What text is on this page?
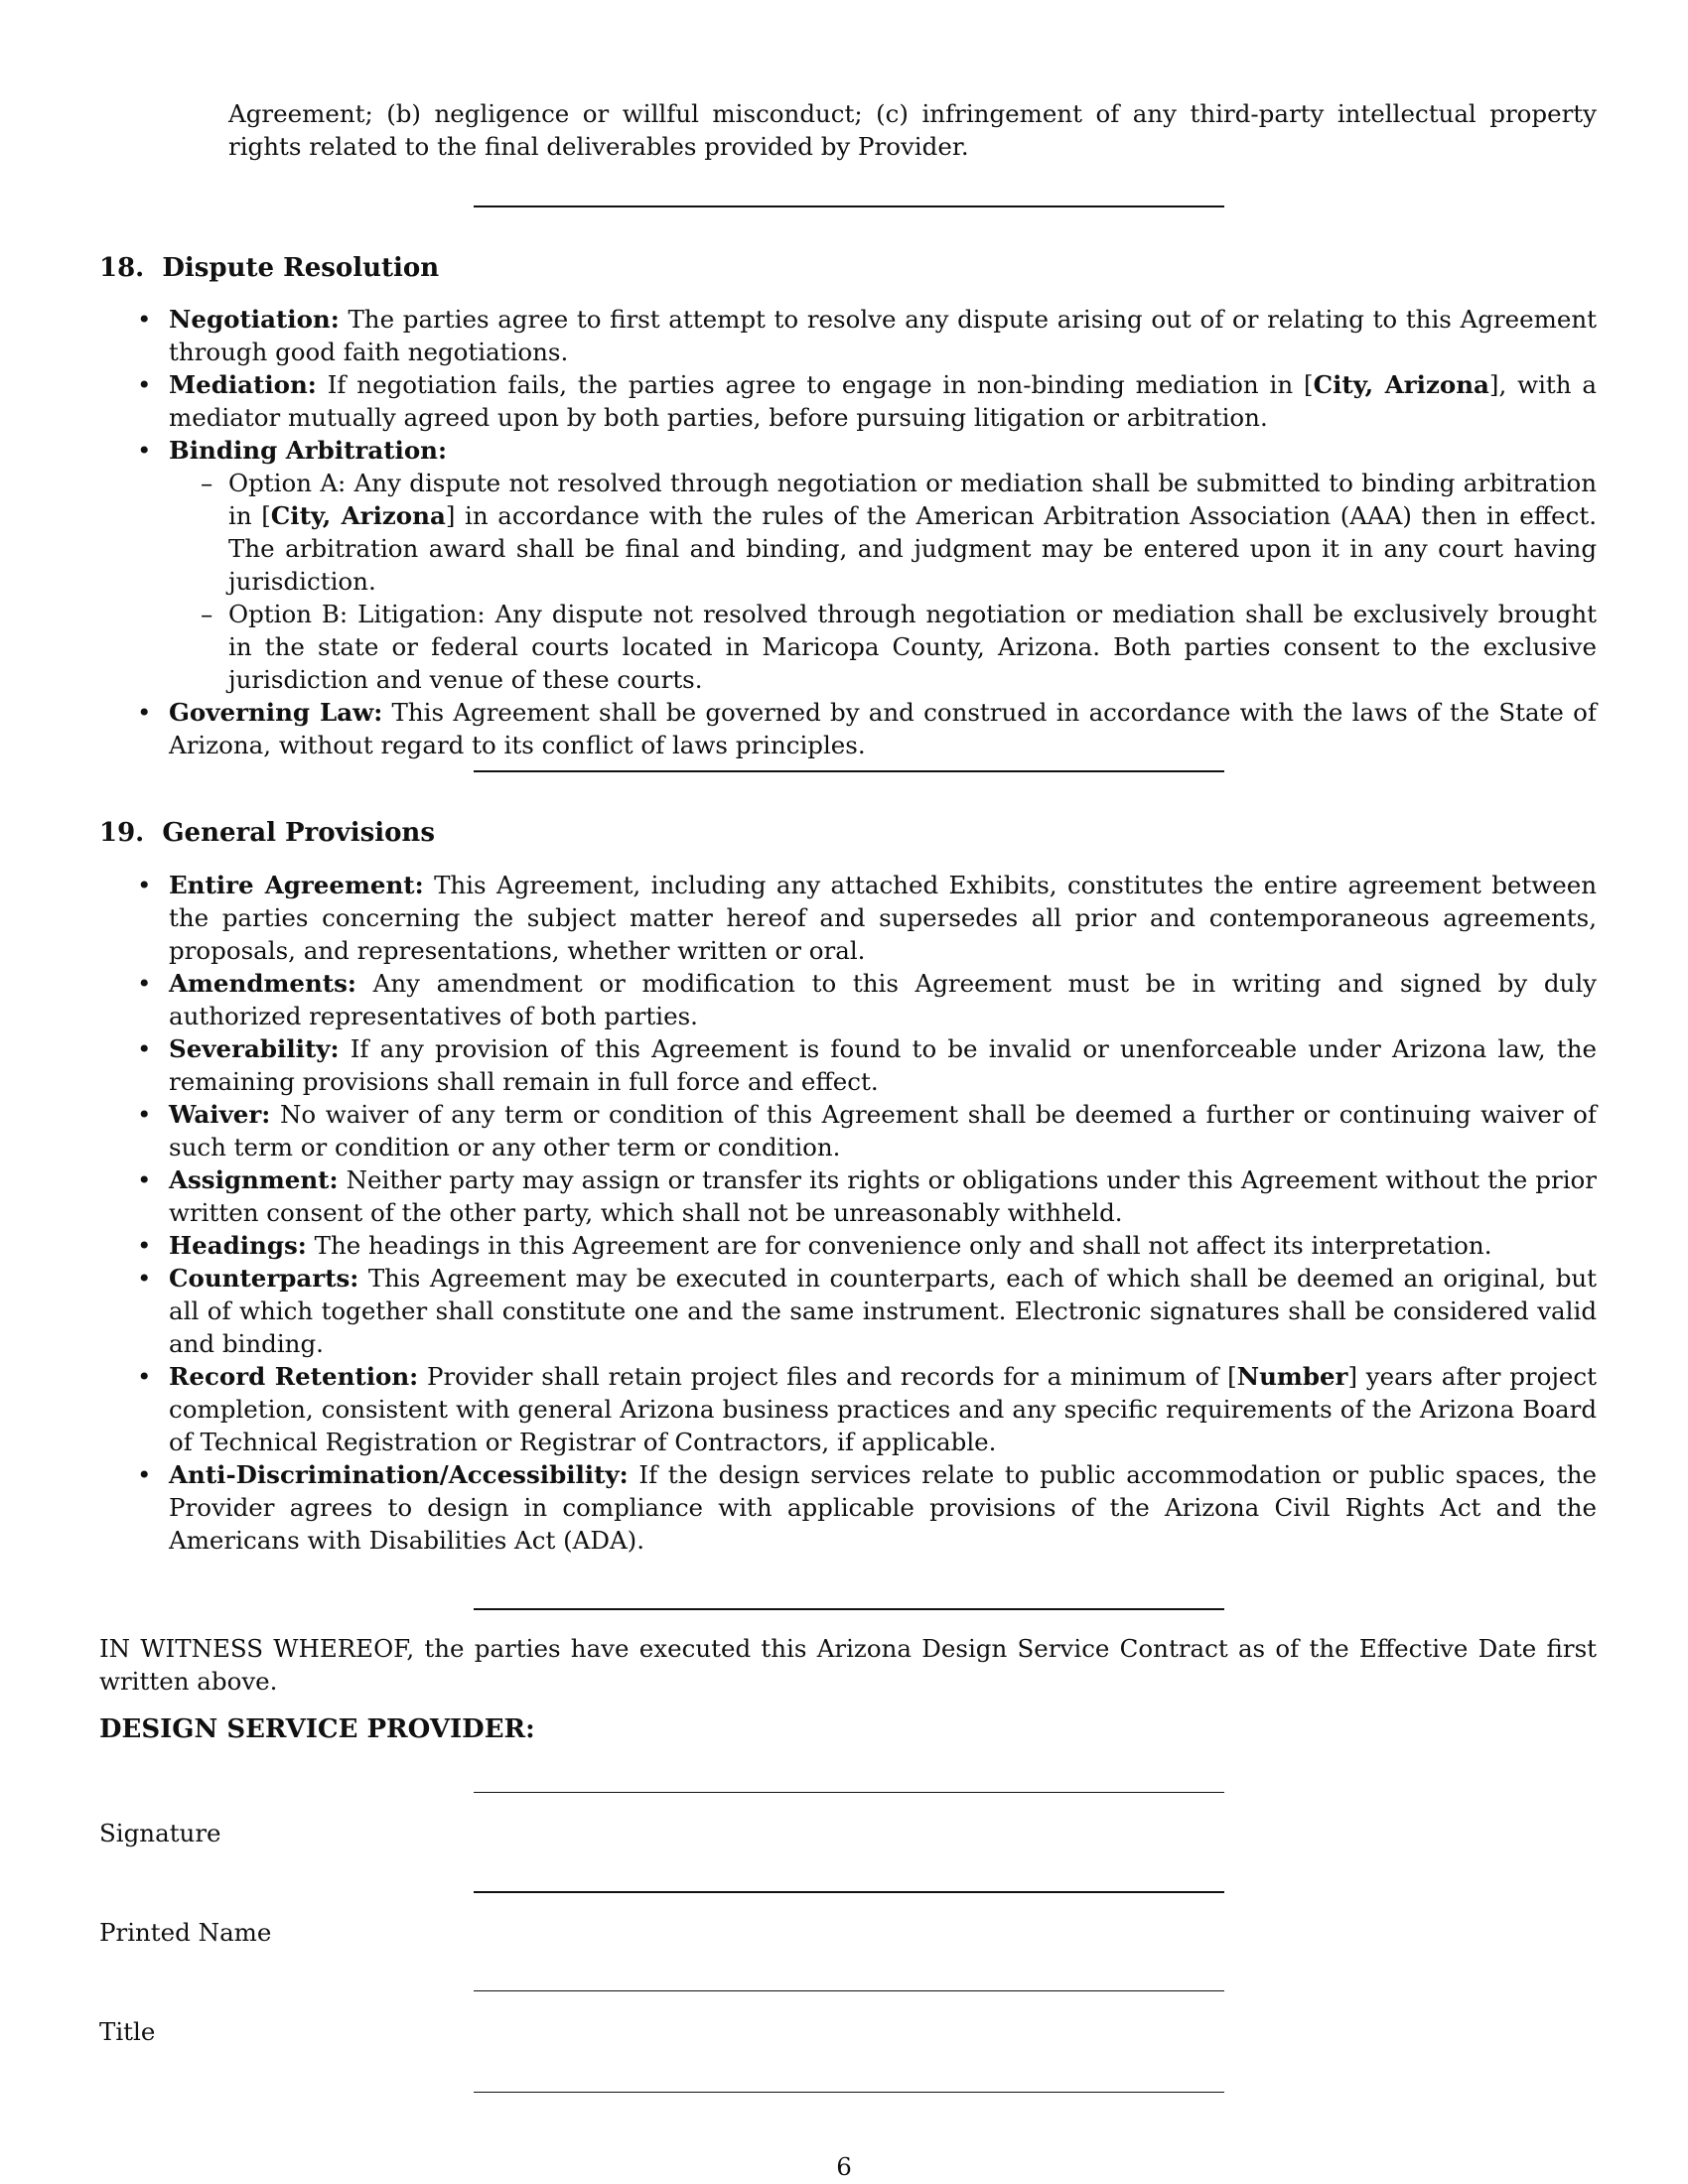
Agreement; (b) negligence or willful misconduct; (c) infringement of any third-party intellectual property rights related to the final deliverables provided by Provider.
18.  Dispute Resolution
• Negotiation: The parties agree to first attempt to resolve any dispute arising out of or relating to this Agreement through good faith negotiations.
• Mediation: If negotiation fails, the parties agree to engage in non-binding mediation in [City, Arizona], with a mediator mutually agreed upon by both parties, before pursuing litigation or arbitration.
• Binding Arbitration:
– Option A: Any dispute not resolved through negotiation or mediation shall be submitted to binding arbitration in [City, Arizona] in accordance with the rules of the American Arbitration Association (AAA) then in effect. The arbitration award shall be final and binding, and judgment may be entered upon it in any court having jurisdiction.
– Option B: Litigation: Any dispute not resolved through negotiation or mediation shall be exclusively brought in the state or federal courts located in Maricopa County, Arizona. Both parties consent to the exclusive jurisdiction and venue of these courts.
• Governing Law: This Agreement shall be governed by and construed in accordance with the laws of the State of Arizona, without regard to its conflict of laws principles.
19.  General Provisions
• Entire Agreement: This Agreement, including any attached Exhibits, constitutes the entire agreement between the parties concerning the subject matter hereof and supersedes all prior and contemporaneous agreements, proposals, and representations, whether written or oral.
• Amendments: Any amendment or modification to this Agreement must be in writing and signed by duly authorized representatives of both parties.
• Severability: If any provision of this Agreement is found to be invalid or unenforceable under Arizona law, the remaining provisions shall remain in full force and effect.
• Waiver: No waiver of any term or condition of this Agreement shall be deemed a further or continuing waiver of such term or condition or any other term or condition.
• Assignment: Neither party may assign or transfer its rights or obligations under this Agreement without the prior written consent of the other party, which shall not be unreasonably withheld.
• Headings: The headings in this Agreement are for convenience only and shall not affect its interpretation.
• Counterparts: This Agreement may be executed in counterparts, each of which shall be deemed an original, but all of which together shall constitute one and the same instrument. Electronic signatures shall be considered valid and binding.
• Record Retention: Provider shall retain project files and records for a minimum of [Number] years after project completion, consistent with general Arizona business practices and any specific requirements of the Arizona Board of Technical Registration or Registrar of Contractors, if applicable.
• Anti-Discrimination/Accessibility: If the design services relate to public accommodation or public spaces, the Provider agrees to design in compliance with applicable provisions of the Arizona Civil Rights Act and the Americans with Disabilities Act (ADA).
IN WITNESS WHEREOF, the parties have executed this Arizona Design Service Contract as of the Effective Date first written above.
DESIGN SERVICE PROVIDER:
Signature
Printed Name
Title
6
